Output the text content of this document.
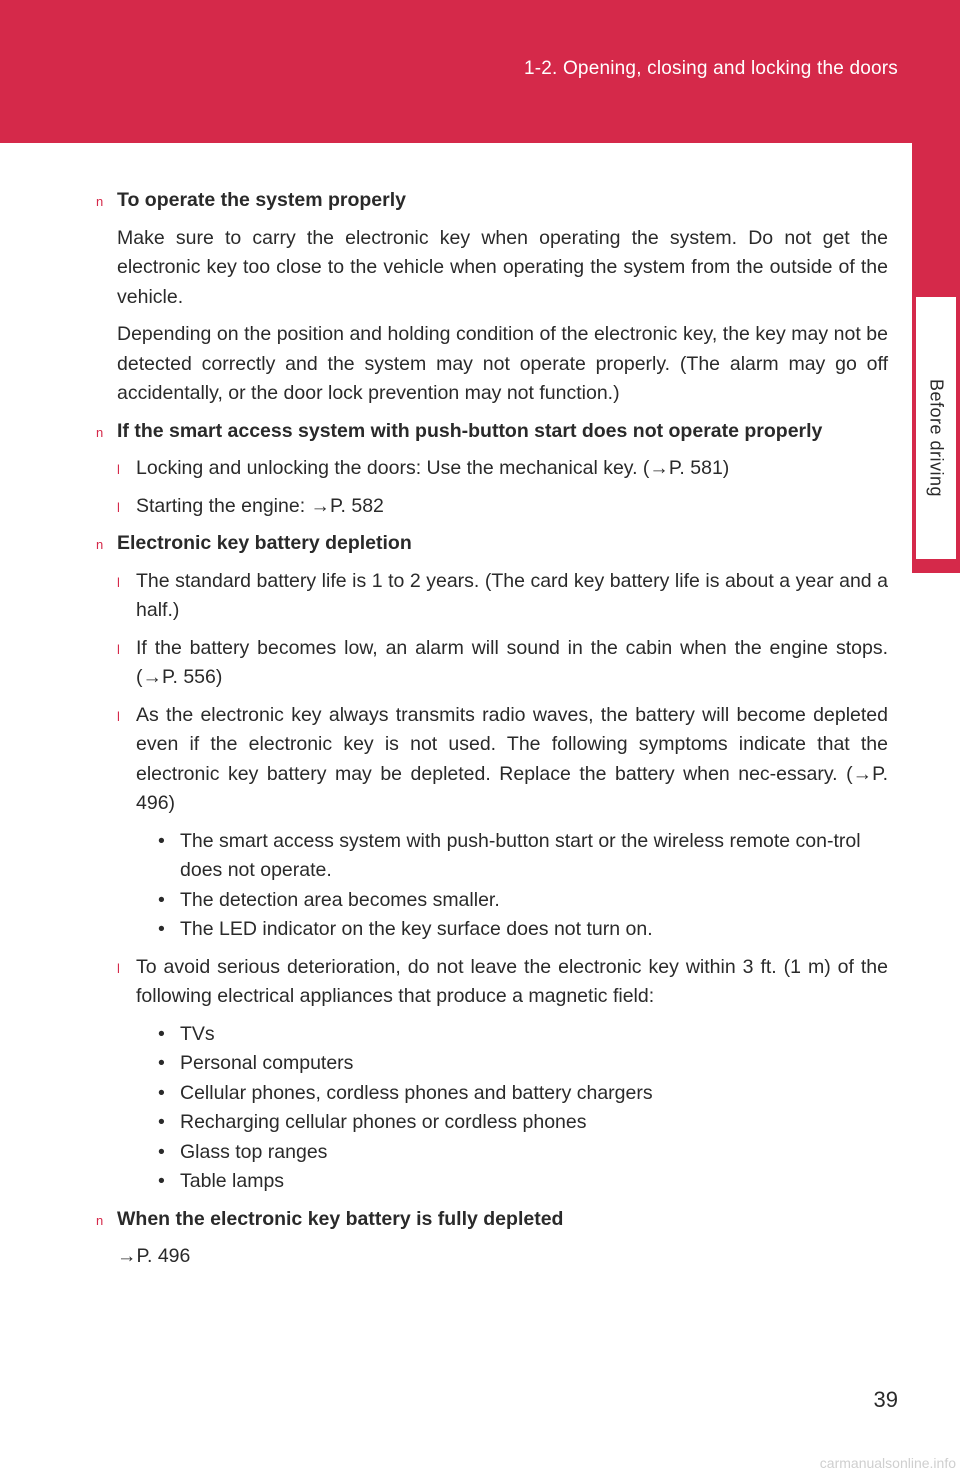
1-2. Opening, closing and locking the doors
1
Before driving
n To operate the system properly
Make sure to carry the electronic key when operating the system. Do not get the electronic key too close to the vehicle when operating the system from the outside of the vehicle.
Depending on the position and holding condition of the electronic key, the key may not be detected correctly and the system may not operate properly. (The alarm may go off accidentally, or the door lock prevention may not function.)
n If the smart access system with push-button start does not operate properly
l Locking and unlocking the doors: Use the mechanical key. (→P. 581)
l Starting the engine: →P. 582
n Electronic key battery depletion
l The standard battery life is 1 to 2 years. (The card key battery life is about a year and a half.)
l If the battery becomes low, an alarm will sound in the cabin when the engine stops. (→P. 556)
l As the electronic key always transmits radio waves, the battery will become depleted even if the electronic key is not used. The following symptoms indicate that the electronic key battery may be depleted. Replace the battery when nec-essary. (→P. 496)
• The smart access system with push-button start or the wireless remote con-trol does not operate.
• The detection area becomes smaller.
• The LED indicator on the key surface does not turn on.
l To avoid serious deterioration, do not leave the electronic key within 3 ft. (1 m) of the following electrical appliances that produce a magnetic field:
• TVs
• Personal computers
• Cellular phones, cordless phones and battery chargers
• Recharging cellular phones or cordless phones
• Glass top ranges
• Table lamps
n When the electronic key battery is fully depleted
→P. 496
39
carmanualsonline.info
